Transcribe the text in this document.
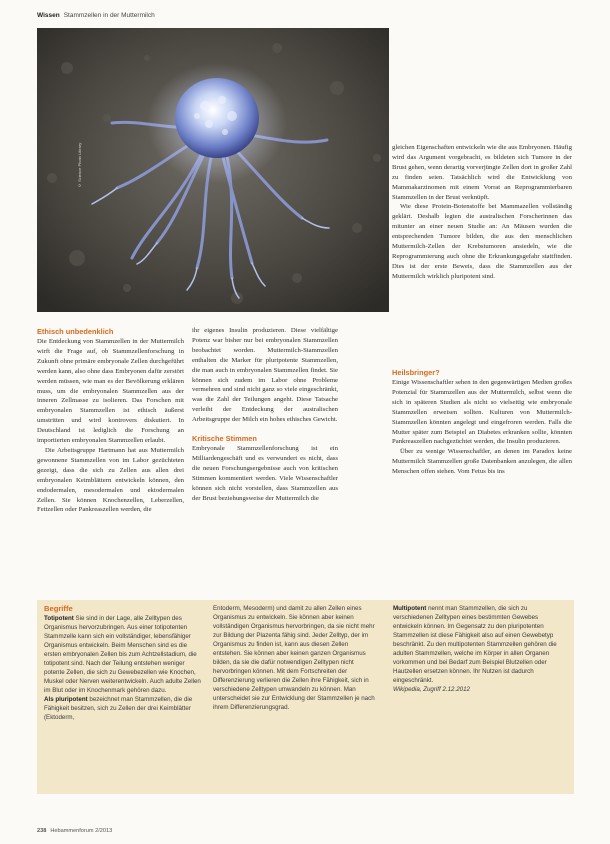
Wissen Stammzellen in der Muttermilch
© Science Photo Library	gleichen Eigenschaften entwickeln wie die aus Embryonen. Häufig wird das Argument vorgebracht, es bildeten sich Tumore in der Brust gehen, wenn derartig vorverjüngte Zellen dort in großer Zahl zu finden seien. Tatsächlich wird die Entwicklung von Mammakarzinomen mit einem Vorrat an Reprogrammierbaren Stammzellen in der Brust verknüpft.

Wie diese Protein-Botenstoffe bei Mammazellen vollständig geklärt. Deshalb legten die australischen Forscherinnen das mitunter an einer neuen Studie an: An Mäusen wurden die entsprechenden Tumore bilden, die aus den menschlichen Muttermilch-Zellen der Krebstumoren ansiedeln, wie die Reprogrammierung auch ohne die Erkrankungsgefahr stattfinden. Dies ist der erste Beweis, dass die Stammzellen aus der Muttermilch wirklich pluripotent sind.

Ethisch unbedenklich

Die Entdeckung von Stammzellen in der Muttermilch wirft die Frage auf, ob Stammzellenforschung in Zukunft ohne primäre embryonale Zellen durchgeführt werden kann, also ohne dass Embryonen dafür zerstört werden müssen, wie man es der Bevölkerung erklären muss, um die embryonalen Stammzellen aus der inneren Zellmasse zu isolieren. Das Forschen mit embryonalen Stammzellen ist ethisch äußerst umstritten und wird kontrovers diskutiert. In Deutschland ist lediglich die Forschung an importierten embryonalen Stammzellen erlaubt.

Die Arbeitsgruppe Hartmann hat aus Muttermilch gewonnene Stammzellen von im Labor gezüchteten gezeigt, dass die sich zu Zellen aus allen drei embryonalen Keimblättern entwickeln können, den endodermalen, mesodermalen und ektodermalen Zellen. Sie können Knochenzellen, Leberzellen, Fettzellen oder Pankreaszellen werden, die

ihr eigenes Insulin produzieren. Diese vielfältige Potenz war bisher nur bei embryonalen Stammzellen beobachtet worden. Muttermilch-Stammzellen enthalten die Marker für pluripotente Stammzellen, die man auch in embryonalen Stammzellen findet. Sie können sich zudem im Labor ohne Probleme vermehren und sind nicht ganz so viele eingeschränkt, was die Zahl der Teilungen angeht. Diese Tatsache verleiht der Entdeckung der australischen Arbeitsgruppe der Milch ein hohes ethisches Gewicht.

Kritische Stimmen

Embryonale Stammzellenforschung ist ein Milliardengeschäft und es verwundert es nicht, dass die neuen Forschungsergebnisse auch von kritischen Stimmen kommentiert werden. Viele Wissenschaftler können sich nicht vorstellen, dass Stammzellen aus der Brust beziehungsweise der Muttermilch die

Heilsbringer?

Einige Wissenschaftler sehen in den gegenwärtigen Medien großes Potenzial für Stammzellen aus der Muttermilch, selbst wenn die sich in späteren Studien als nicht so vielseitig wie embryonale Stammzellen erweisen sollten. Kulturen von Muttermilch-Stammzellen könnten angelegt und eingefroren werden. Falls die Mutter später zum Beispiel an Diabetes erkranken sollte, könnten Pankreaszellen nachgezüchtet werden, die Insulin produzieren.

Über zu wenige Wissenschaftler, an denen im Paradox keine Muttermilch Stammzellen große Datenbanken anzulegen, die allen Menschen offen stehen. Vom Fetus bis ins

Begriffe

Totipotent Sie sind in der Lage, alle Zelltypen des Organismus hervorzubringen. Aus einer totipotenten Stammzelle kann sich ein vollständiger, lebensfähiger Organismus entwickeln. Beim Menschen sind es die ersten embryonalen Zellen bis zum Achtzellstadium, die totipotent sind. Nach der Teilung entstehen weniger potente Zellen, die sich zu Gewebezellen wie Knochen, Muskel oder Nerven weiterentwickeln. Auch adulte Zellen im Blut oder im Knochenmark gehören dazu.

Als pluripotent bezeichnet man Stammzellen, die die Fähigkeit besitzen, sich zu Zellen der drei Keimblätter (Ektoderm,

Entoderm, Mesoderm) und damit zu allen Zellen eines Organismus zu entwickeln. Sie können aber keinen vollständigen Organismus hervorbringen, da sie nicht mehr zur Bildung der Plazenta fähig sind. Jeder Zelltyp, der im Organismus zu finden ist, kann aus diesen Zellen entstehen. Sie können aber keinen ganzen Organismus bilden, da sie die dafür notwendigen Zelltypen nicht hervorbringen können. Mit dem Fortschreiten der Differenzierung verlieren die Zellen ihre Fähigkeit, sich in verschiedene Zelltypen umwandeln zu können. Man unterscheidet sie zur Entwicklung der Stammzellen je nach ihrem Differenzierungsgrad.

Multipotent nennt man Stammzellen, die sich zu verschiedenen Zelltypen eines bestimmten Gewebes entwickeln können. Im Gegensatz zu den pluripotenten Stammzellen ist diese Fähigkeit also auf einen Gewebetyp beschränkt. Zu den multipotenten Stammzellen gehören die adulten Stammzellen, welche im Körper in allen Organen vorkommen und bei Bedarf zum Beispiel Blutzellen oder Hautzellen ersetzen können. Ihr Nutzen ist dadurch eingeschränkt.

Wikipedia, Zugriff 2.12.2012

238 Hebammenforum 2/2013
